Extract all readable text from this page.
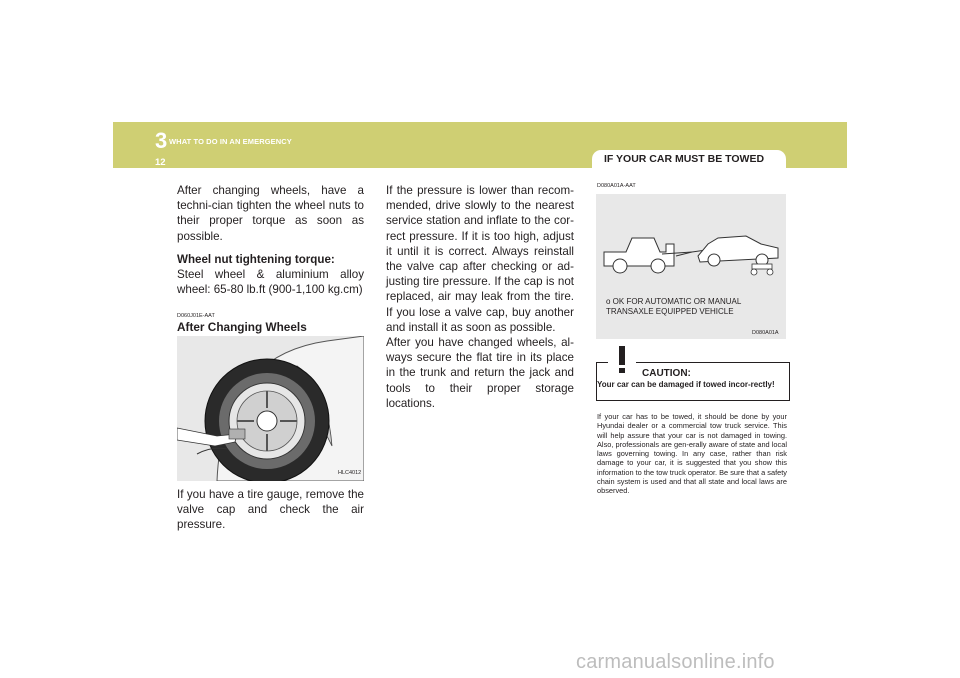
3 WHAT TO DO IN AN EMERGENCY
12	IF YOUR CAR MUST BE TOWED

After changing wheels, have a techni-cian tighten the wheel nuts to their proper torque as soon as possible.

Wheel nut tightening torque:
Steel wheel & aluminium alloy wheel: 65-80 lb.ft (900-1,100 kg.cm)
D060J01E-AAT
After Changing Wheels
HLC4012
If you have a tire gauge, remove the valve cap and check the air pressure.
If the pressure is lower than recom-mended, drive slowly to the nearest service station and inflate to the cor-rect pressure. If it is too high, adjust it until it is correct. Always reinstall the valve cap after checking or ad-justing tire pressure. If the cap is not replaced, air may leak from the tire. If you lose a valve cap, buy another and install it as soon as possible.
After you have changed wheels, al-ways secure the flat tire in its place in the trunk and return the jack and tools to their proper storage locations.
D080A01A-AAT
o OK FOR AUTOMATIC OR MANUAL TRANSAXLE EQUIPPED VEHICLE
D080A01A
CAUTION:
Your car can be damaged if towed incor-rectly!
If your car has to be towed, it should be done by your Hyundai dealer or a commercial tow truck service. This will help assure that your car is not damaged in towing. Also, professionals are gen-erally aware of state and local laws governing towing. In any case, rather than risk damage to your car, it is suggested that you show this information to the tow truck operator. Be sure that a safety chain system is used and that all state and local laws are observed.
carmanualsonline.info
